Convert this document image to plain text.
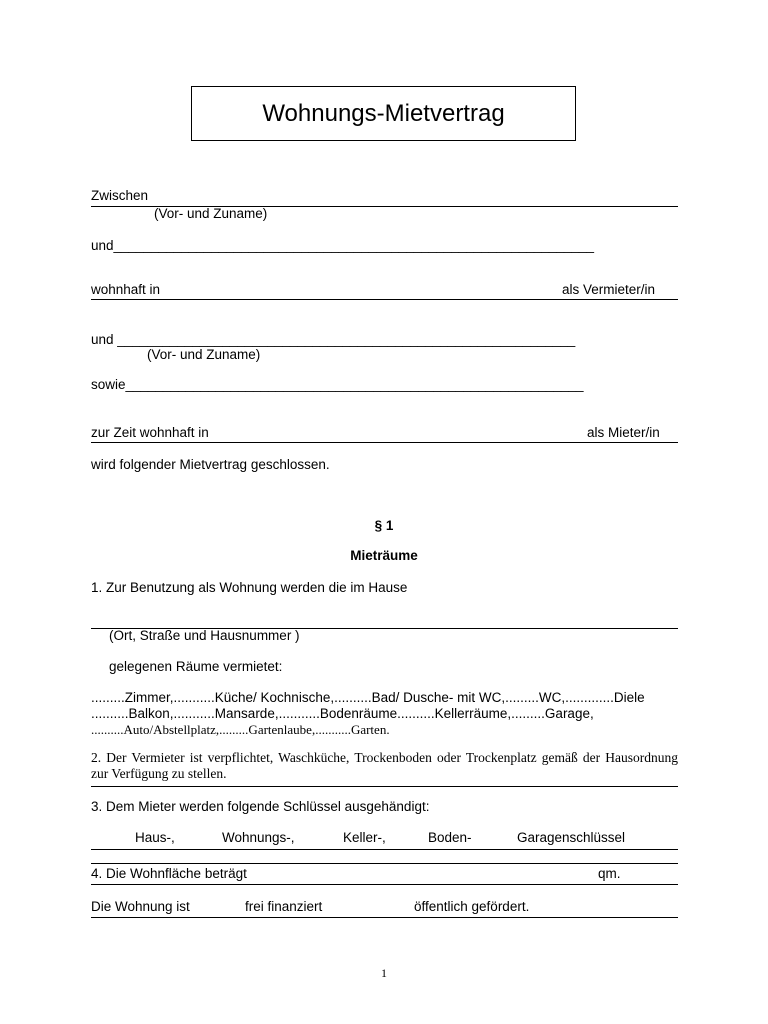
Wohnungs-Mietvertrag
Zwischen
(Vor- und Zuname)
und________________________________________________________________
wohnhaft in	als Vermieter/in
und _____________________________________________________________
(Vor- und Zuname)
sowie_____________________________________________________________
zur Zeit wohnhaft in	als Mieter/in
wird folgender Mietvertrag geschlossen.
§ 1
Mieträume
1. Zur Benutzung als Wohnung werden die im Hause
(Ort, Straße und Hausnummer )
gelegenen Räume vermietet:
.........Zimmer,...........Küche/ Kochnische,..........Bad/ Dusche- mit WC,.........WC,.............Diele
..........Balkon,...........Mansarde,...........Bodenräume..........Kellerräume,.........Garage,
..........Auto/Abstellplatz,.........Gartenlaube,...........Garten.
2. Der Vermieter ist verpflichtet, Waschküche, Trockenboden oder Trockenplatz gemäß der Hausordnung zur Verfügung zu stellen.
3. Dem Mieter werden folgende Schlüssel ausgehändigt:
Haus-,	Wohnungs-,	Keller-,	Boden-	Garagenschlüssel
4. Die Wohnfläche beträgt	qm.
Die Wohnung ist	frei finanziert	öffentlich gefördert.
1
